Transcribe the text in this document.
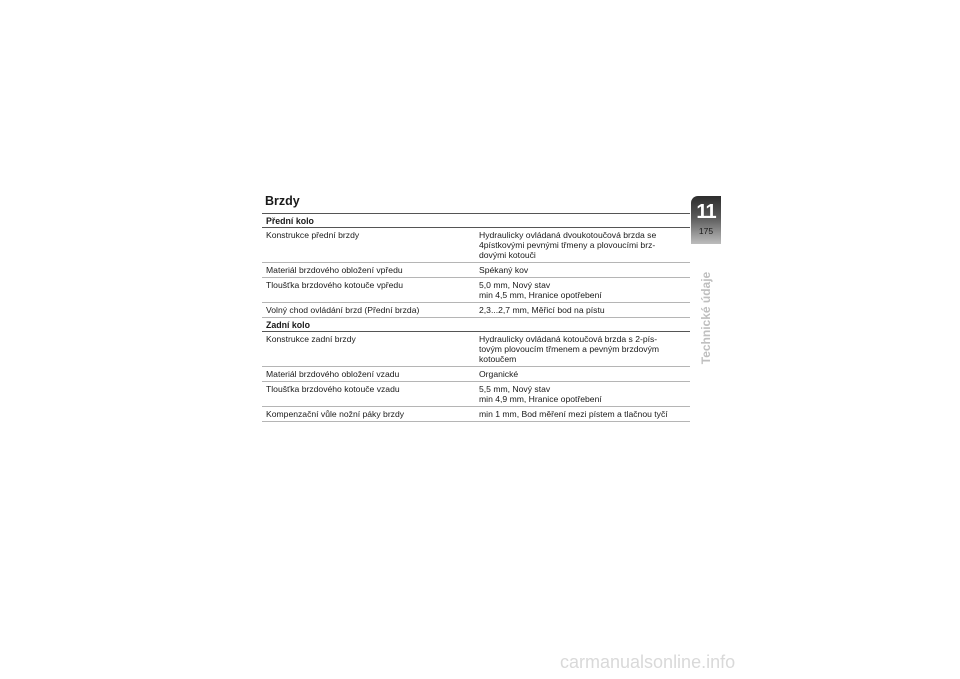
Brzdy
Přední kolo	
Konstrukce přední brzdy	Hydraulicky ovládaná dvoukotoučová brzda se
4pístkovými pevnými třmeny a plovoucími brz-
dovými kotouči

Materiál brzdového obložení vpředu	Spékaný kov

Tloušťka brzdového kotouče vpředu	5,0 mm, Nový stav
min 4,5 mm, Hranice opotřebení

Volný chod ovládání brzd (Přední brzda)	2,3...2,7 mm, Měřicí bod na pístu

Zadní kolo	
Konstrukce zadní brzdy	Hydraulicky ovládaná kotoučová brzda s 2-pís-
tovým plovoucím třmenem a pevným brzdovým
kotoučem

Materiál brzdového obložení vzadu	Organické

Tloušťka brzdového kotouče vzadu	5,5 mm, Nový stav
min 4,9 mm, Hranice opotřebení

Kompenzační vůle nožní páky brzdy	min 1 mm, Bod měření mezi pístem a tlačnou tyčí
11
175
Technické údaje
carmanualsonline.info
